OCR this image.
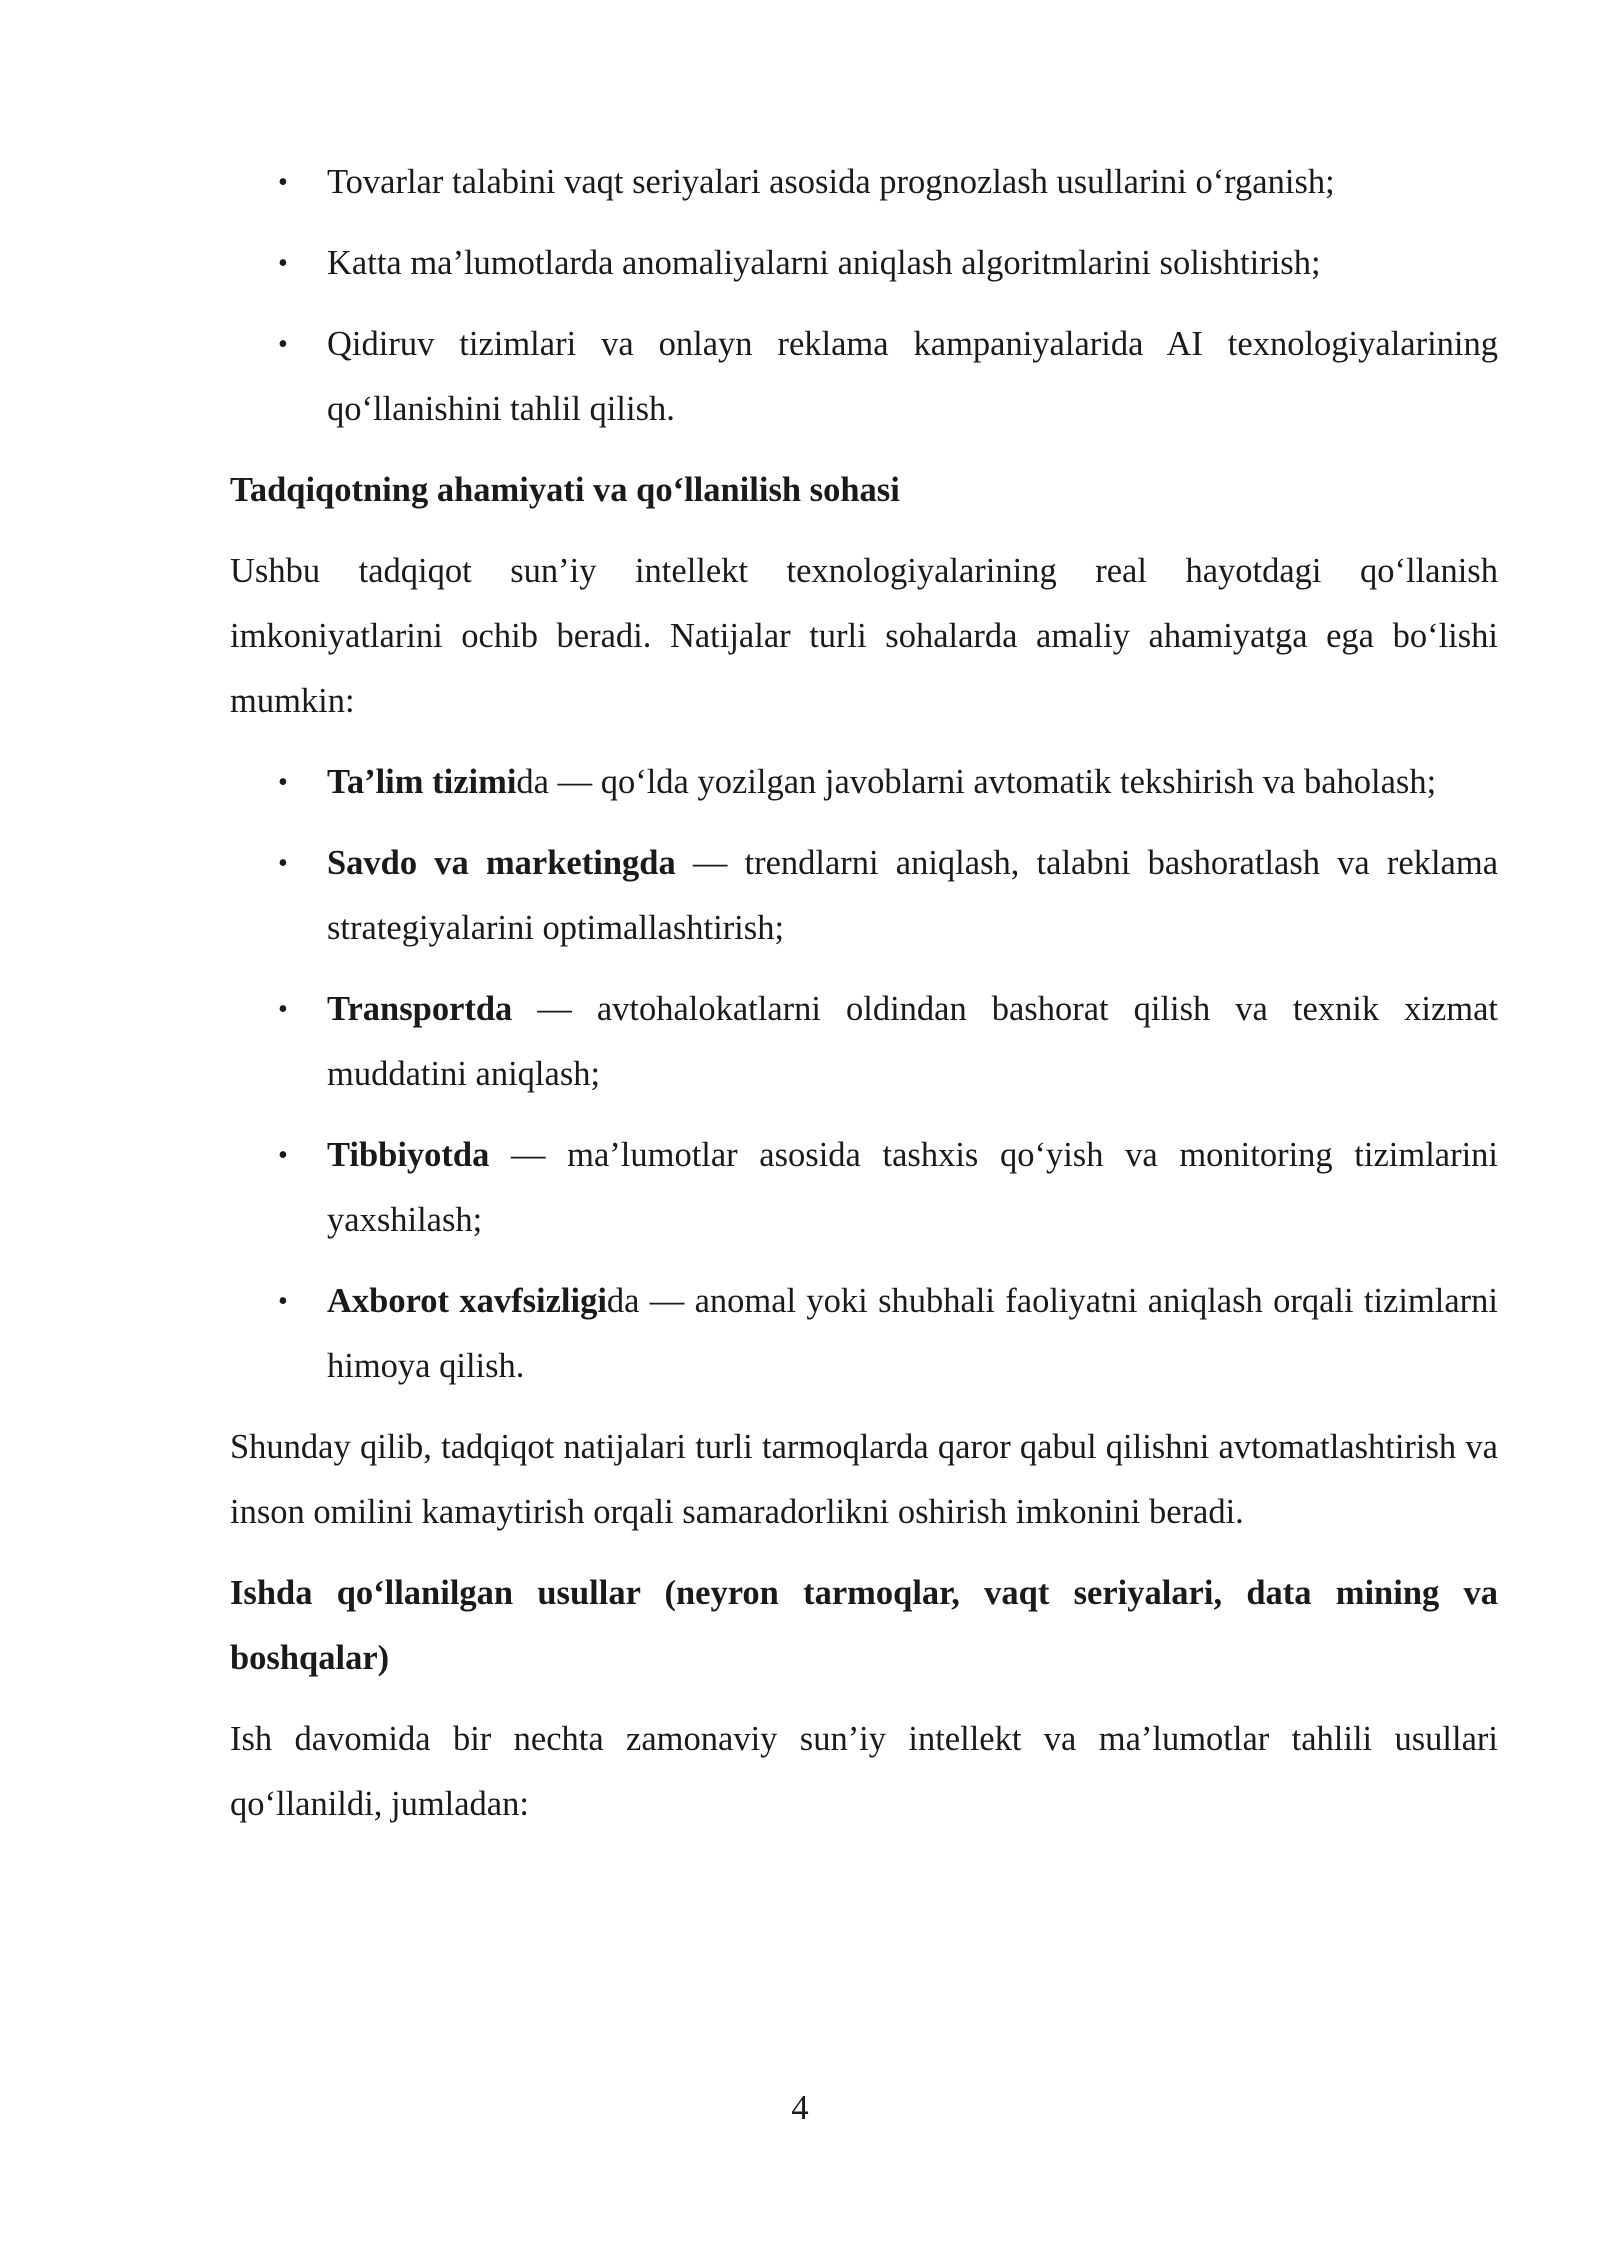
• Tovarlar talabini vaqt seriyalari asosida prognozlash usullarini o‘rganish;
• Katta ma’lumotlarda anomaliyalarni aniqlash algoritmlarini solishtirish;
• Qidiruv tizimlari va onlayn reklama kampaniyalarida AI texnologiyalarining qo‘llanishini tahlil qilish.
Tadqiqotning ahamiyati va qo‘llanilish sohasi

Ushbu tadqiqot sun’iy intellekt texnologiyalarining real hayotdagi qo‘llanish imkoniyatlarini ochib beradi. Natijalar turli sohalarda amaliy ahamiyatga ega bo‘lishi mumkin:

• Ta’lim tizimida — qo‘lda yozilgan javoblarni avtomatik tekshirish va baholash;
• Savdo va marketingda — trendlarni aniqlash, talabni bashoratlash va reklama strategiyalarini optimallashtirish;
• Transportda — avtohalokatlarni oldindan bashorat qilish va texnik xizmat muddatini aniqlash;
• Tibbiyotda — ma’lumotlar asosida tashxis qo‘yish va monitoring tizimlarini yaxshilash;
• Axborot xavfsizligida — anomal yoki shubhali faoliyatni aniqlash orqali tizimlarni himoya qilish.

Shunday qilib, tadqiqot natijalari turli tarmoqlarda qaror qabul qilishni avtomatlashtirish va inson omilini kamaytirish orqali samaradorlikni oshirish imkonini beradi.

Ishda qo‘llanilgan usullar (neyron tarmoqlar, vaqt seriyalari, data mining va boshqalar)

Ish davomida bir nechta zamonaviy sun’iy intellekt va ma’lumotlar tahlili usullari qo‘llanildi, jumladan:

4
